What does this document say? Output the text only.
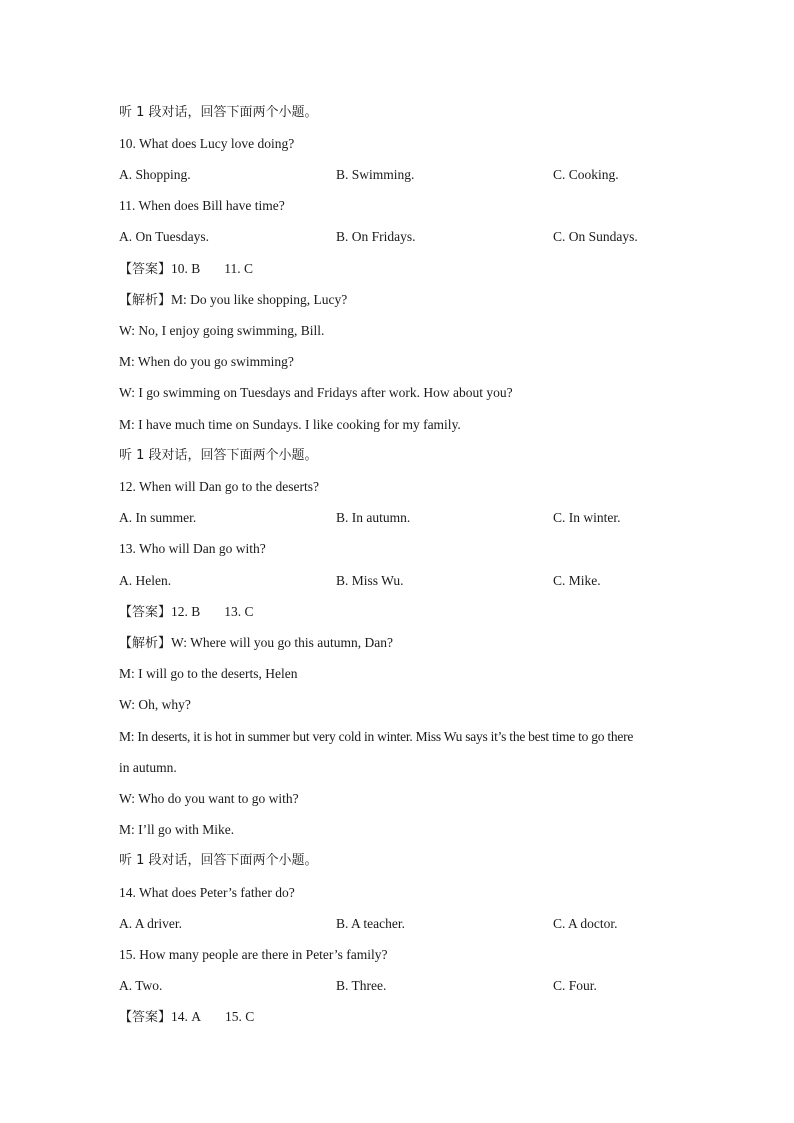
听 1 段对话，回答下面两个小题。
10. What does Lucy love doing?
A. Shopping.	B. Swimming.	C. Cooking.
11. When does Bill have time?
A. On Tuesdays.	B. On Fridays.	C. On Sundays.
【答案】10. B 11. C
【解析】M: Do you like shopping, Lucy?
W: No, I enjoy going swimming, Bill.
M: When do you go swimming?
W: I go swimming on Tuesdays and Fridays after work. How about you?
M: I have much time on Sundays. I like cooking for my family.
听 1 段对话，回答下面两个小题。
12. When will Dan go to the deserts?
A. In summer.	B. In autumn.	C. In winter.
13. Who will Dan go with?
A. Helen.	B. Miss Wu.	C. Mike.
【答案】12. B 13. C
【解析】W: Where will you go this autumn, Dan?
M: I will go to the deserts, Helen
W: Oh, why?
M: In deserts, it is hot in summer but very cold in winter. Miss Wu says it’s the best time to go there
in autumn.
W: Who do you want to go with?
M: I’ll go with Mike.
听 1 段对话，回答下面两个小题。
14. What does Peter’s father do?
A. A driver.	B. A teacher.	C. A doctor.
15. How many people are there in Peter’s family?
A. Two.	B. Three.	C. Four.
【答案】14. A 15. C
